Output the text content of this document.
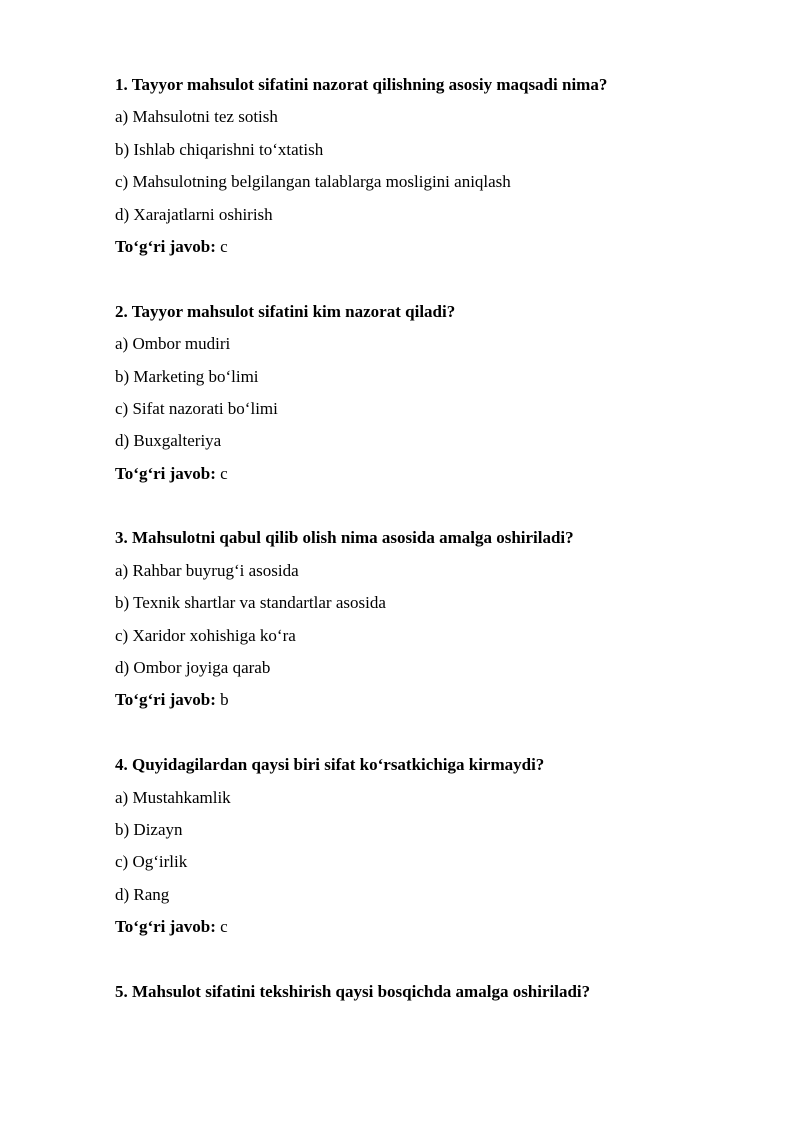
1. Tayyor mahsulot sifatini nazorat qilishning asosiy maqsadi nima?
a) Mahsulotni tez sotish
b) Ishlab chiqarishni to‘xtatish
c) Mahsulotning belgilangan talablarga mosligini aniqlash
d) Xarajatlarni oshirish
To‘g‘ri javob: c
2. Tayyor mahsulot sifatini kim nazorat qiladi?
a) Ombor mudiri
b) Marketing bo‘limi
c) Sifat nazorati bo‘limi
d) Buxgalteriya
To‘g‘ri javob: c
3. Mahsulotni qabul qilib olish nima asosida amalga oshiriladi?
a) Rahbar buyrug‘i asosida
b) Texnik shartlar va standartlar asosida
c) Xaridor xohishiga ko‘ra
d) Ombor joyiga qarab
To‘g‘ri javob: b
4. Quyidagilardan qaysi biri sifat ko‘rsatkichiga kirmaydi?
a) Mustahkamlik
b) Dizayn
c) Og‘irlik
d) Rang
To‘g‘ri javob: c
5. Mahsulot sifatini tekshirish qaysi bosqichda amalga oshiriladi?
